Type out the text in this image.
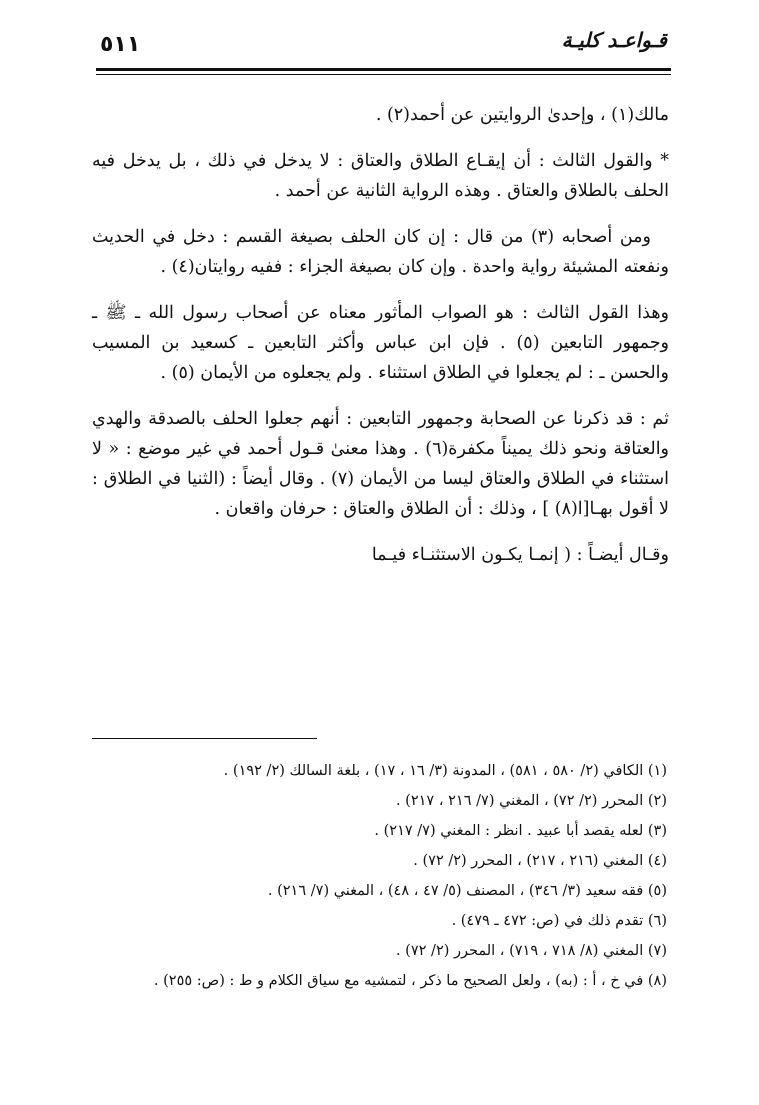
قـواعـد كليـة
٥١١

مالك(١) ، وإحدىٰ الروايتين عن أحمد(٢) .

* والقول الثالث : أن إيقـاع الطلاق والعتاق : لا يدخل في ذلك ، بل يدخل فيه الحلف بالطلاق والعتاق . وهذه الرواية الثانية عن أحمد .

ومن أصحابه (٣) من قال : إن كان الحلف بصيغة القسم : دخل في الحديث ونفعته المشيئة رواية واحدة . وإن كان بصيغة الجزاء : ففيه روايتان(٤) .

وهذا القول الثالث : هو الصواب المأثور معناه عن أصحاب رسول الله ـ ﷺ ـ وجمهور التابعين (٥) . فإن ابن عباس وأكثر التابعين ـ كسعيد بن المسيب والحسن ـ : لم يجعلوا في الطلاق استثناء . ولم يجعلوه من الأيمان (٥) .

ثم : قد ذكرنا عن الصحابة وجمهور التابعين : أنهم جعلوا الحلف بالصدقة والهدي والعتاقة ونحو ذلك يميناً مكفرة(٦) . وهذا معنىٰ قـول أحمد في غير موضع : « لا استثناء في الطلاق والعتاق ليسا من الأيمان (٧) . وقال أيضاً : (الثنيا في الطلاق : لا أقول بهـا[ا(٨) ] ، وذلك : أن الطلاق والعتاق : حرفان واقعان .

وقـال أيضـاً : ( إنمـا يكـون الاستثنـاء فيـما

(١) الكافي (٢/ ٥٨٠ ، ٥٨١) ، المدونة (٣/ ١٦ ، ١٧) ، بلغة السالك (٢/ ١٩٢) .

(٢) المحرر (٢/ ٧٢) ، المغني (٧/ ٢١٦ ، ٢١٧) .

(٣) لعله يقصد أبا عبيد . انظر : المغني (٧/ ٢١٧) .

(٤) المغني (٢١٦ ، ٢١٧) ، المحرر (٢/ ٧٢) .

(٥) فقه سعيد (٣/ ٣٤٦) ، المصنف (٥/ ٤٧ ، ٤٨) ، المغني (٧/ ٢١٦) .

(٦) تقدم ذلك في (ص: ٤٧٢ ـ ٤٧٩) .

(٧) المغني (٨/ ٧١٨ ، ٧١٩) ، المحرر (٢/ ٧٢) .

(٨) في خ ، أ : (به) ، ولعل الصحيح ما ذكر ، لتمشيه مع سياق الكلام و ط : (ص: ٢٥٥) .
